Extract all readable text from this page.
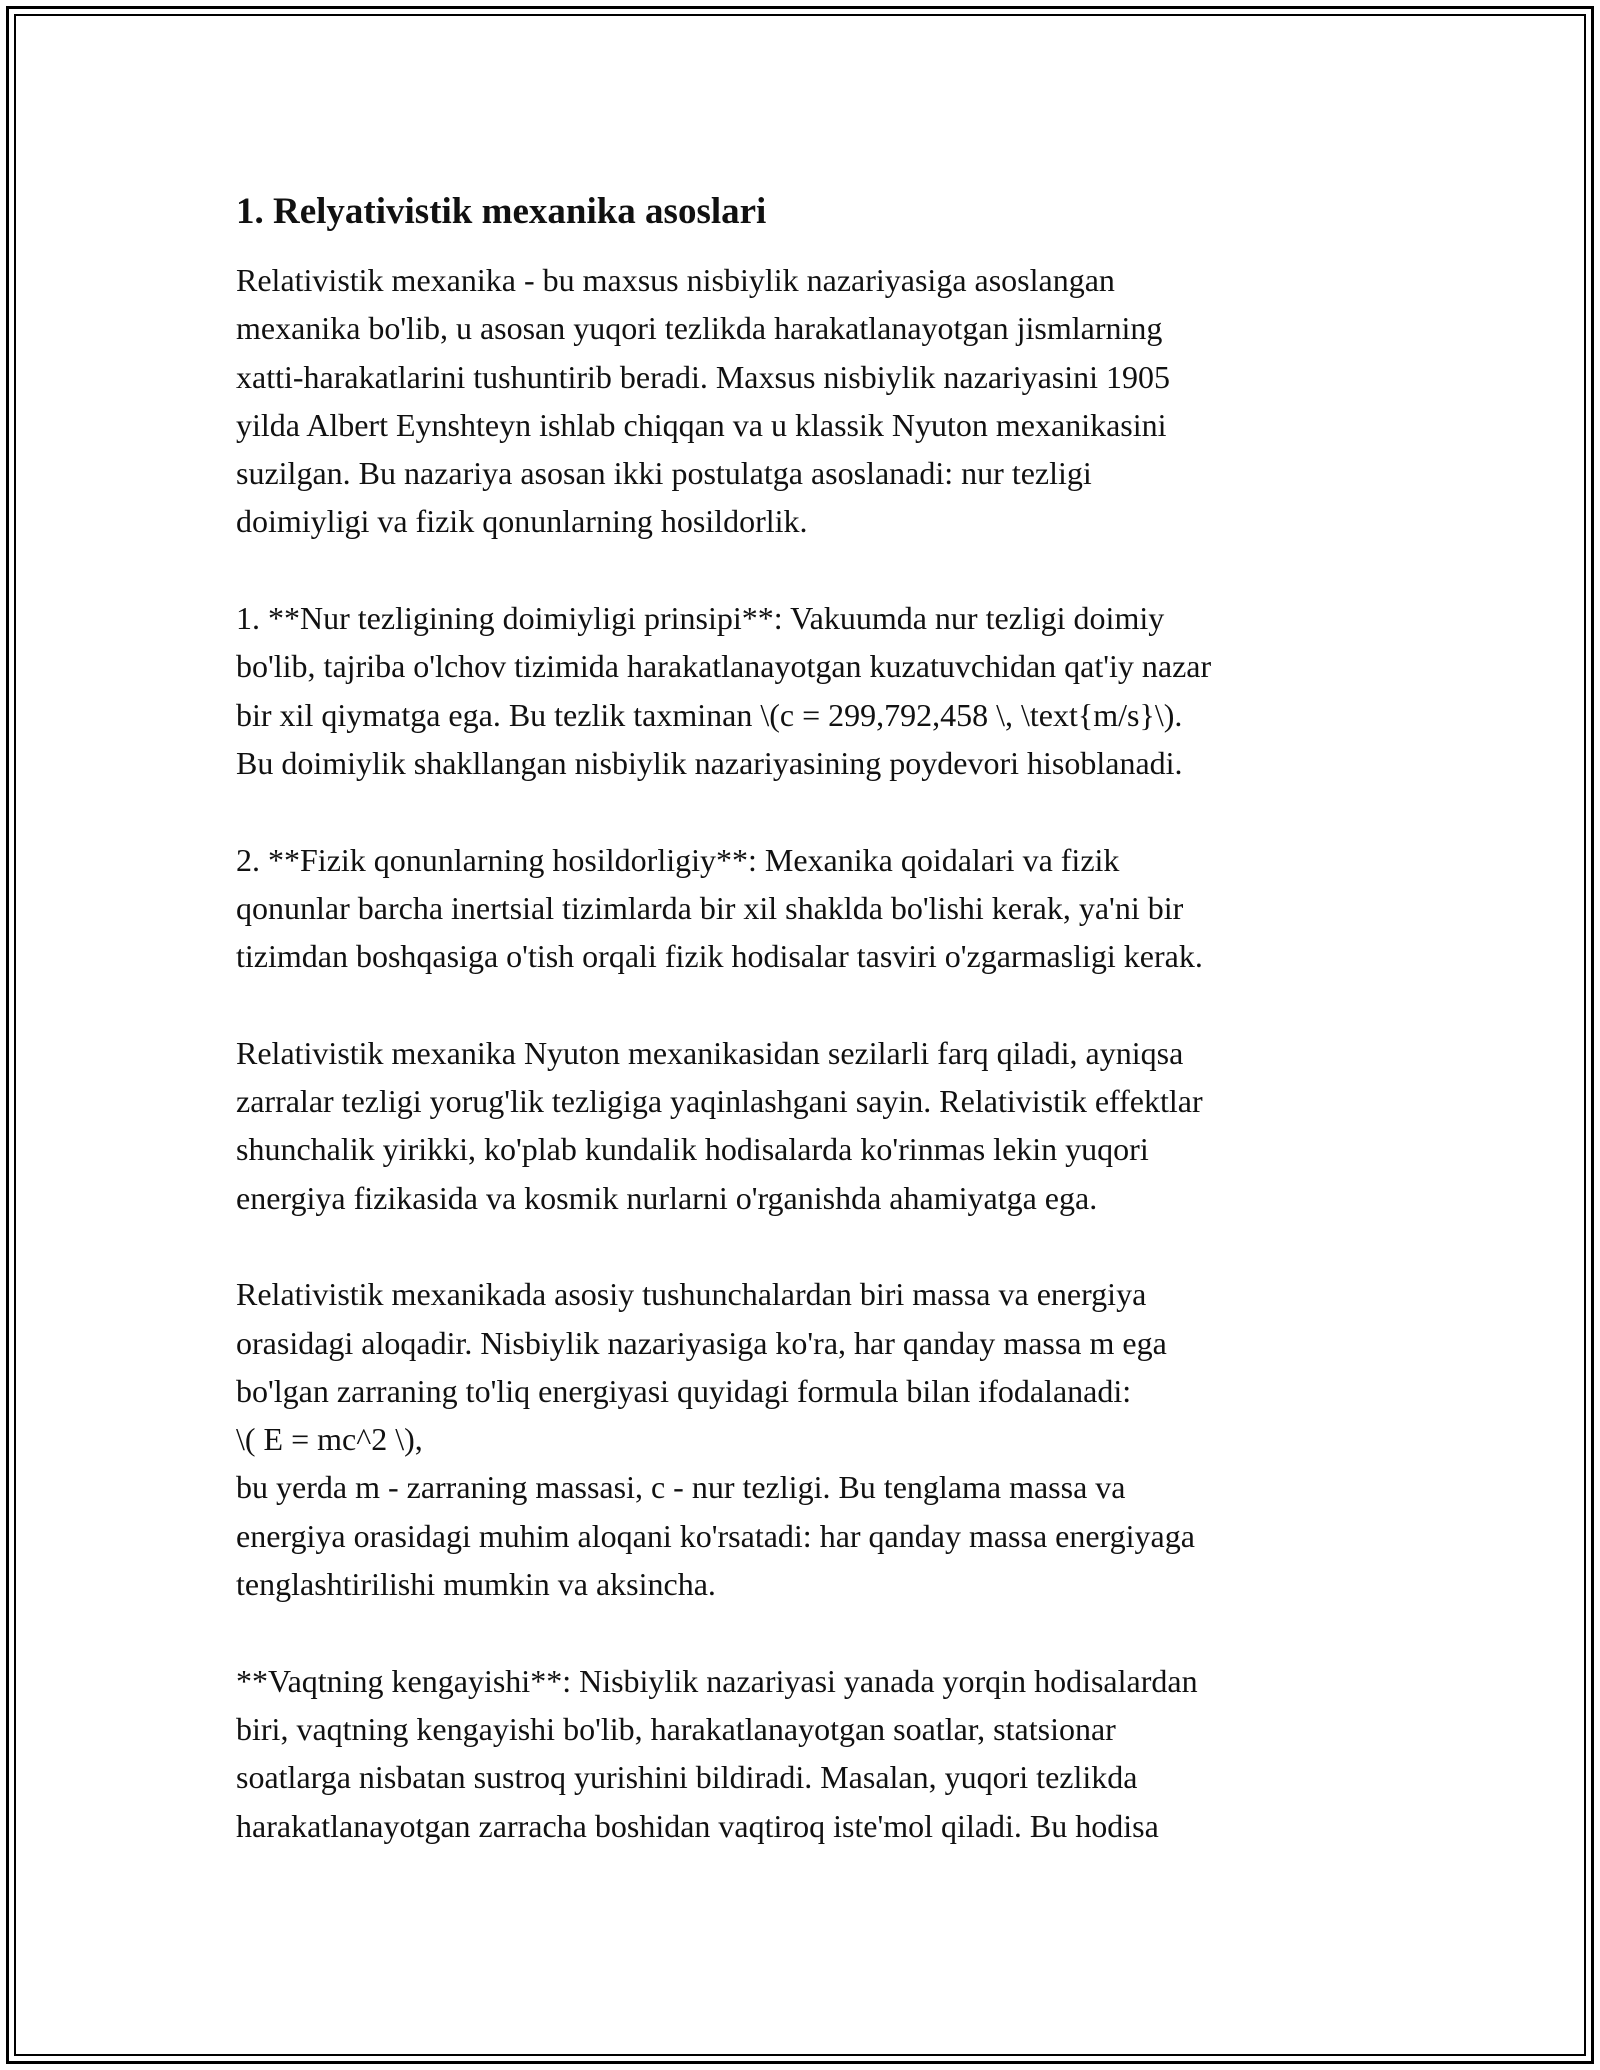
1. Relyativistik mexanika asoslari

Relativistik mexanika - bu maxsus nisbiylik nazariyasiga asoslangan
mexanika bo'lib, u asosan yuqori tezlikda harakatlanayotgan jismlarning
xatti-harakatlarini tushuntirib beradi. Maxsus nisbiylik nazariyasini 1905
yilda Albert Eynshteyn ishlab chiqqan va u klassik Nyuton mexanikasini
suzilgan. Bu nazariya asosan ikki postulatga asoslanadi: nur tezligi
doimiyligi va fizik qonunlarning hosildorlik.

1. **Nur tezligining doimiyligi prinsipi**: Vakuumda nur tezligi doimiy
bo'lib, tajriba o'lchov tizimida harakatlanayotgan kuzatuvchidan qat'iy nazar
bir xil qiymatga ega. Bu tezlik taxminan \(c = 299,792,458 \, \text{m/s}\).
Bu doimiylik shakllangan nisbiylik nazariyasining poydevori hisoblanadi.

2. **Fizik qonunlarning hosildorligiy**: Mexanika qoidalari va fizik
qonunlar barcha inertsial tizimlarda bir xil shaklda bo'lishi kerak, ya'ni bir
tizimdan boshqasiga o'tish orqali fizik hodisalar tasviri o'zgarmasligi kerak.

Relativistik mexanika Nyuton mexanikasidan sezilarli farq qiladi, ayniqsa
zarralar tezligi yorug'lik tezligiga yaqinlashgani sayin. Relativistik effektlar
shunchalik yirikki, ko'plab kundalik hodisalarda ko'rinmas lekin yuqori
energiya fizikasida va kosmik nurlarni o'rganishda ahamiyatga ega.

Relativistik mexanikada asosiy tushunchalardan biri massa va energiya
orasidagi aloqadir. Nisbiylik nazariyasiga ko'ra, har qanday massa m ega
bo'lgan zarraning to'liq energiyasi quyidagi formula bilan ifodalanadi:
\( E = mc^2 \),
bu yerda m - zarraning massasi, c - nur tezligi. Bu tenglama massa va
energiya orasidagi muhim aloqani ko'rsatadi: har qanday massa energiyaga
tenglashtirilishi mumkin va aksincha.

**Vaqtning kengayishi**: Nisbiylik nazariyasi yanada yorqin hodisalardan
biri, vaqtning kengayishi bo'lib, harakatlanayotgan soatlar, statsionar
soatlarga nisbatan sustroq yurishini bildiradi. Masalan, yuqori tezlikda
harakatlanayotgan zarracha boshidan vaqtiroq iste'mol qiladi. Bu hodisa
